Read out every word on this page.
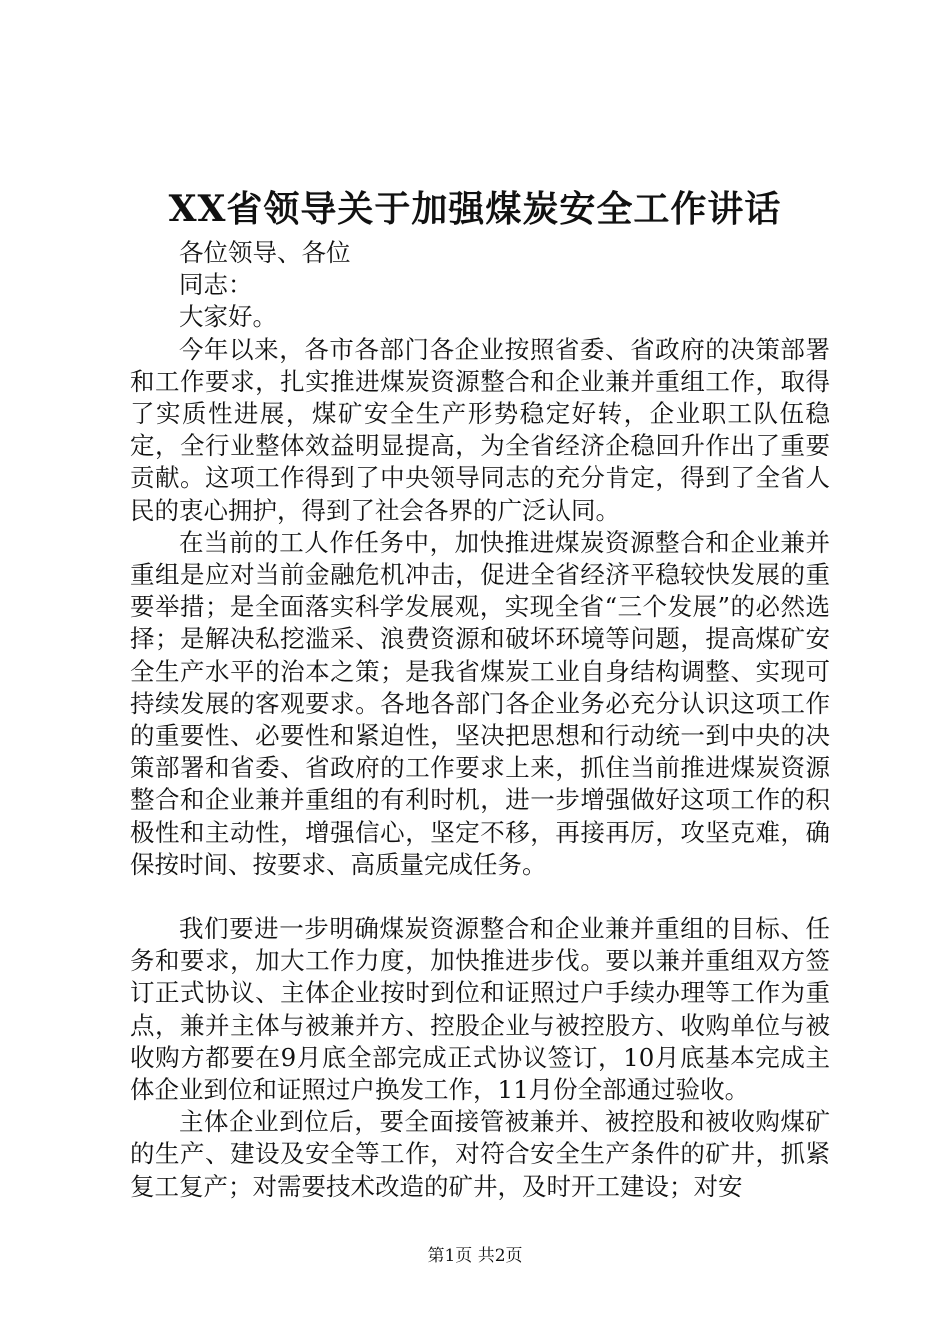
XX省领导关于加强煤炭安全工作讲话

各位领导、各位

同志：

大家好。

今年以来，各市各部门各企业按照省委、省政府的决策部署和工作要求，扎实推进煤炭资源整合和企业兼并重组工作，取得了实质性进展，煤矿安全生产形势稳定好转，企业职工队伍稳定，全行业整体效益明显提高，为全省经济企稳回升作出了重要贡献。这项工作得到了中央领导同志的充分肯定，得到了全省人民的衷心拥护，得到了社会各界的广泛认同。

在当前的工人作任务中，加快推进煤炭资源整合和企业兼并重组是应对当前金融危机冲击，促进全省经济平稳较快发展的重要举措；是全面落实科学发展观，实现全省“三个发展”的必然选择；是解决私挖滥采、浪费资源和破坏环境等问题，提高煤矿安全生产水平的治本之策；是我省煤炭工业自身结构调整、实现可持续发展的客观要求。各地各部门各企业务必充分认识这项工作的重要性、必要性和紧迫性，坚决把思想和行动统一到中央的决策部署和省委、省政府的工作要求上来，抓住当前推进煤炭资源整合和企业兼并重组的有利时机，进一步增强做好这项工作的积极性和主动性，增强信心，坚定不移，再接再厉，攻坚克难，确保按时间、按要求、高质量完成任务。

我们要进一步明确煤炭资源整合和企业兼并重组的目标、任务和要求，加大工作力度，加快推进步伐。要以兼并重组双方签订正式协议、主体企业按时到位和证照过户手续办理等工作为重点，兼并主体与被兼并方、控股企业与被控股方、收购单位与被收购方都要在9月底全部完成正式协议签订，10月底基本完成主体企业到位和证照过户换发工作，11月份全部通过验收。

主体企业到位后，要全面接管被兼并、被控股和被收购煤矿的生产、建设及安全等工作，对符合安全生产条件的矿井，抓紧复工复产；对需要技术改造的矿井，及时开工建设；对安

第1页 共2页
